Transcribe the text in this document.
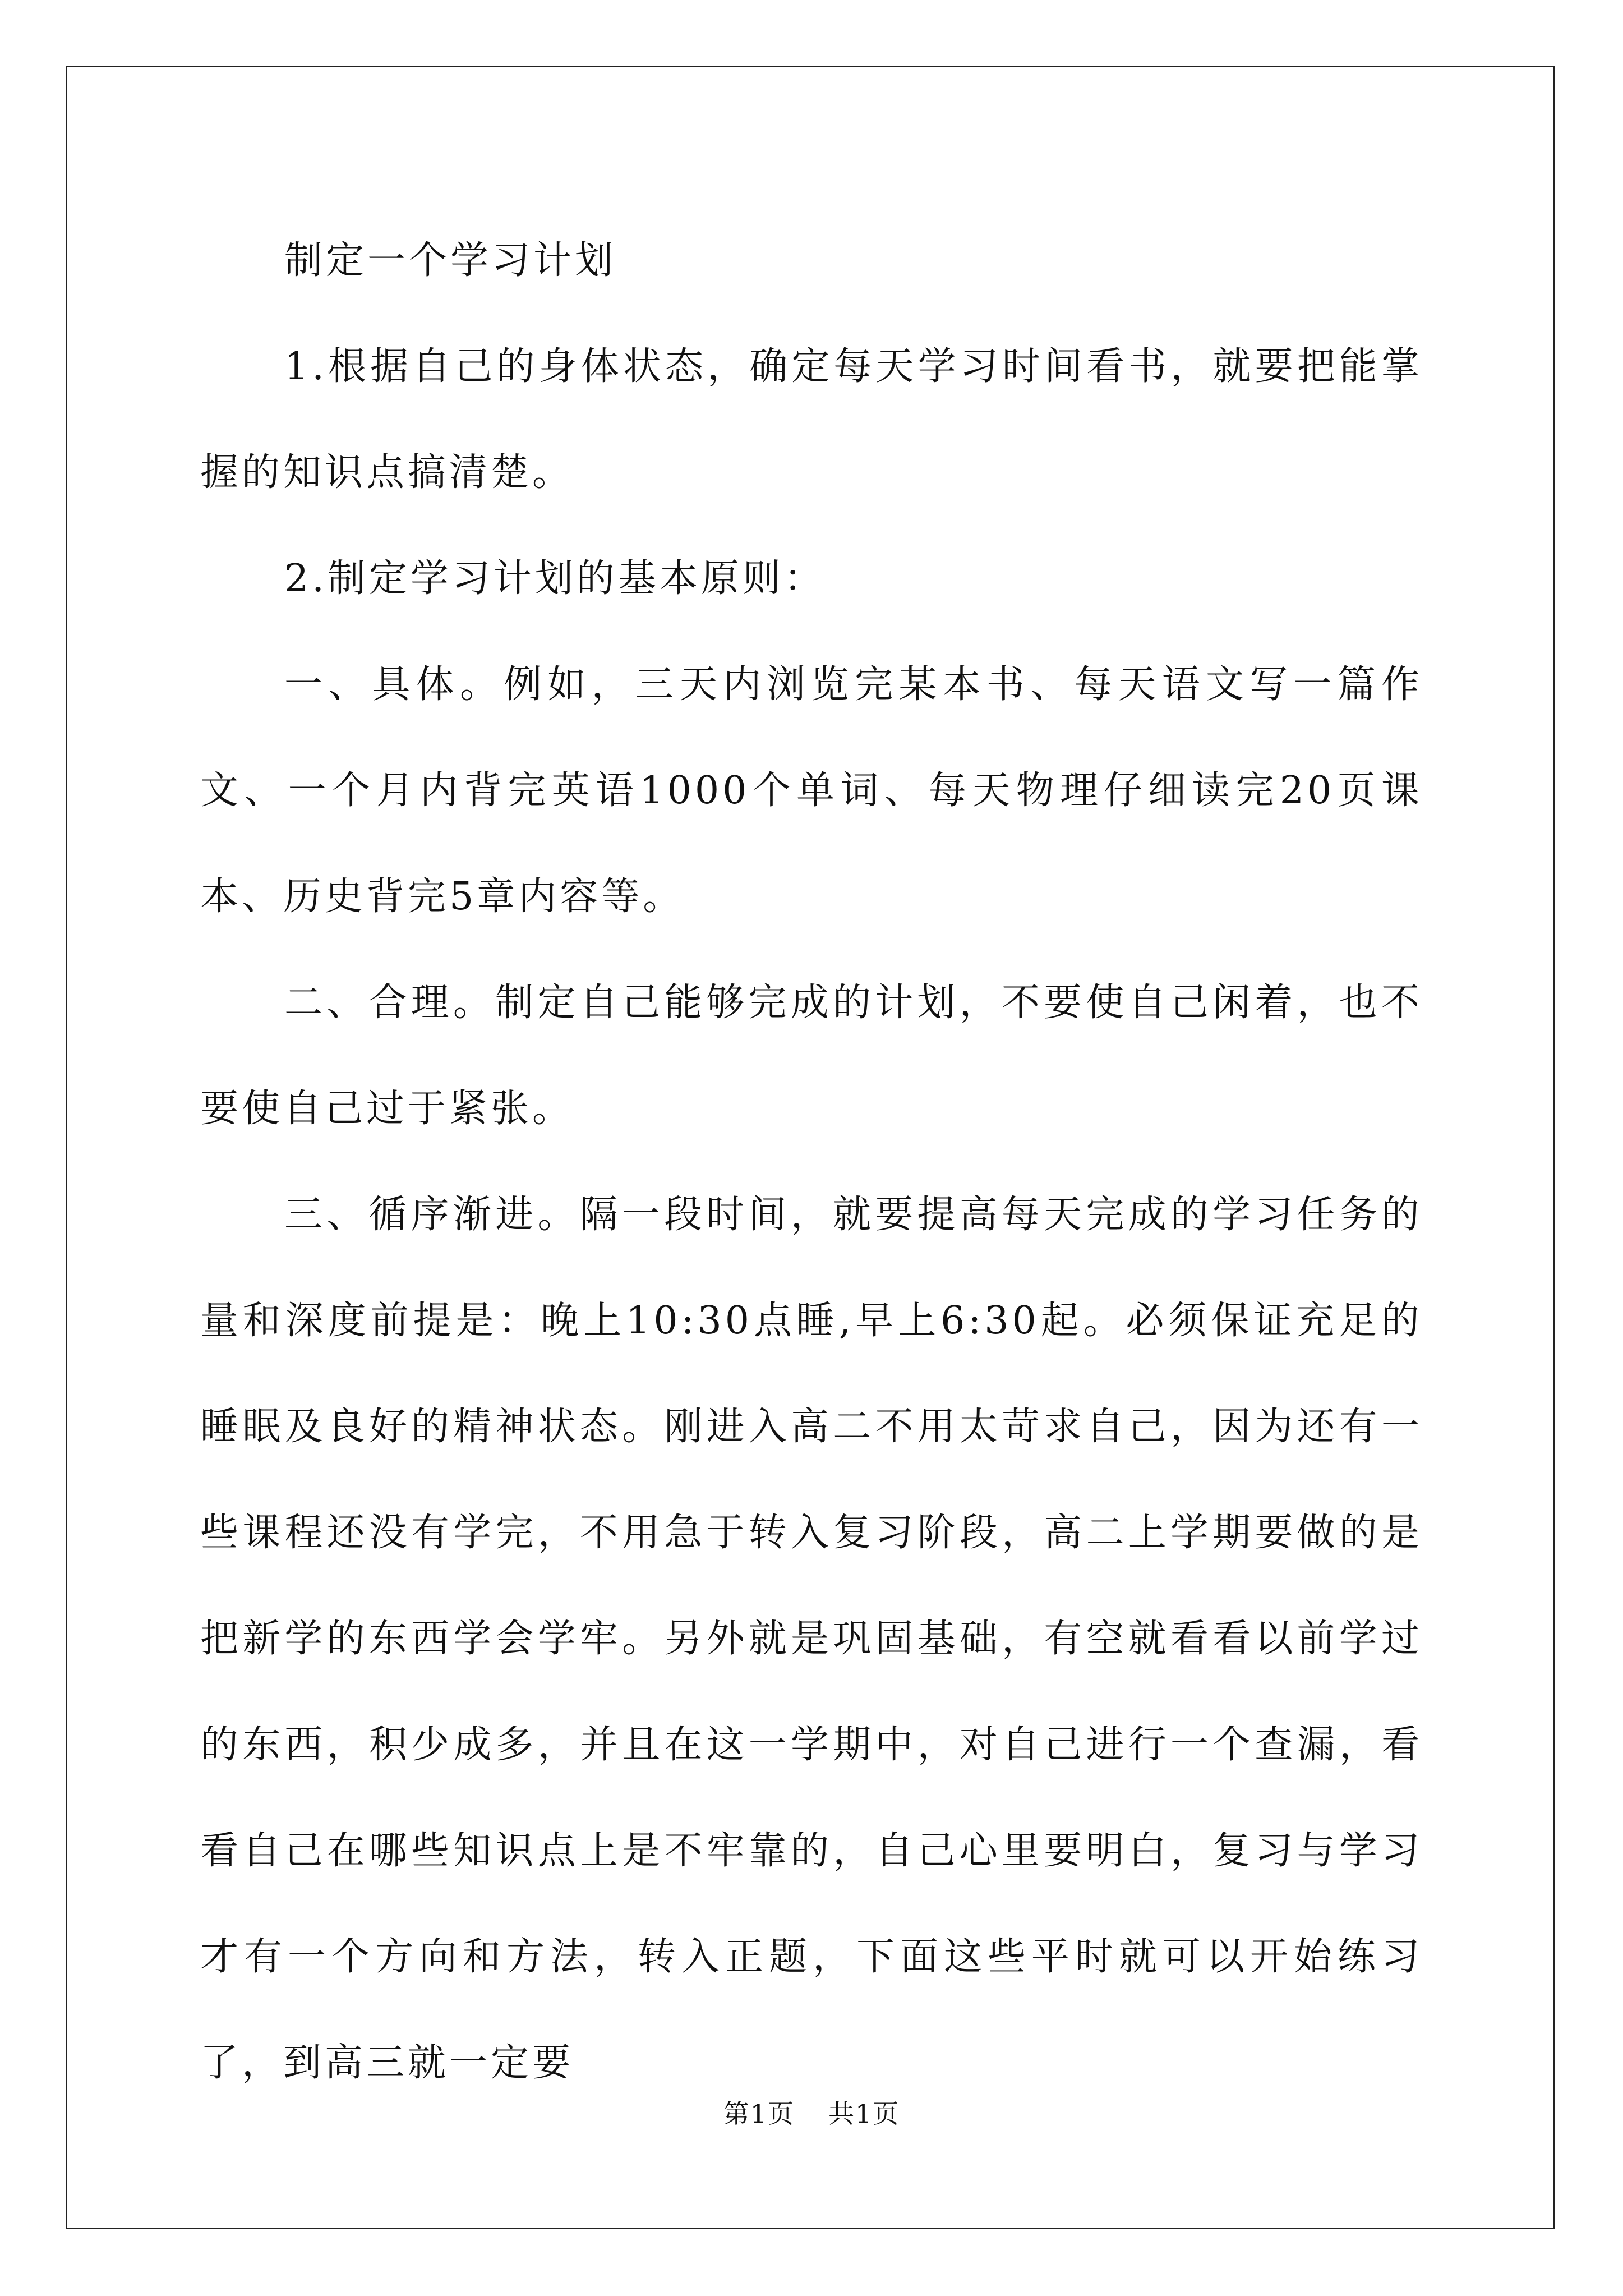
制定一个学习计划

1.根据自己的身体状态，确定每天学习时间看书，就要把能掌握的知识点搞清楚。

2.制定学习计划的基本原则：

一、具体。例如，三天内浏览完某本书、每天语文写一篇作文、一个月内背完英语1000个单词、每天物理仔细读完20页课本、历史背完5章内容等。

二、合理。制定自己能够完成的计划，不要使自己闲着，也不要使自己过于紧张。

三、循序渐进。隔一段时间，就要提高每天完成的学习任务的量和深度前提是：晚上10:30点睡,早上6:30起。必须保证充足的睡眠及良好的精神状态。刚进入高二不用太苛求自己，因为还有一些课程还没有学完，不用急于转入复习阶段，高二上学期要做的是把新学的东西学会学牢。另外就是巩固基础，有空就看看以前学过的东西，积少成多，并且在这一学期中，对自己进行一个查漏，看看自己在哪些知识点上是不牢靠的，自己心里要明白，复习与学习才有一个方向和方法，转入正题，下面这些平时就可以开始练习了，到高三就一定要

第1页 共1页
